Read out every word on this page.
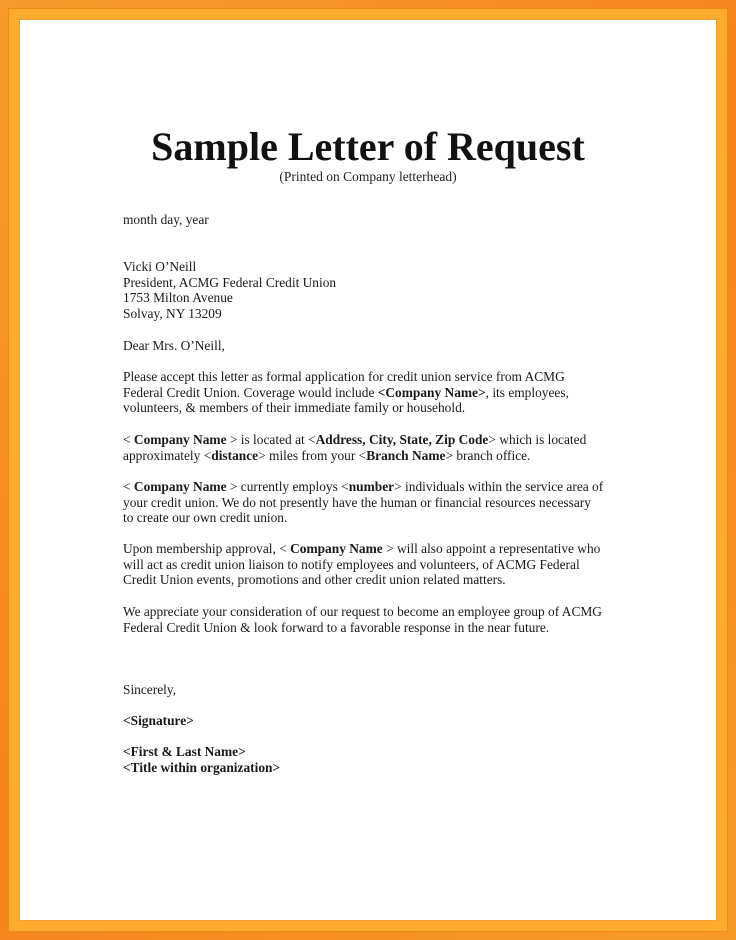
Sample Letter of Request
(Printed on Company letterhead)

month day, year

Vicki O’Neill

President, ACMG Federal Credit Union

1753 Milton Avenue

Solvay, NY 13209

Dear Mrs. O’Neill,

Please accept this letter as formal application for credit union service from ACMG

Federal Credit Union. Coverage would include <Company Name>, its employees,

volunteers, & members of their immediate family or household.

< Company Name > is located at <Address, City, State, Zip Code> which is located

approximately <distance> miles from your <Branch Name> branch office.

< Company Name > currently employs <number> individuals within the service area of

your credit union. We do not presently have the human or financial resources necessary

to create our own credit union.

Upon membership approval, < Company Name > will also appoint a representative who

will act as credit union liaison to notify employees and volunteers, of ACMG Federal

Credit Union events, promotions and other credit union related matters.

We appreciate your consideration of our request to become an employee group of ACMG

Federal Credit Union & look forward to a favorable response in the near future.

Sincerely,

<Signature>

<First & Last Name>

<Title within organization>
